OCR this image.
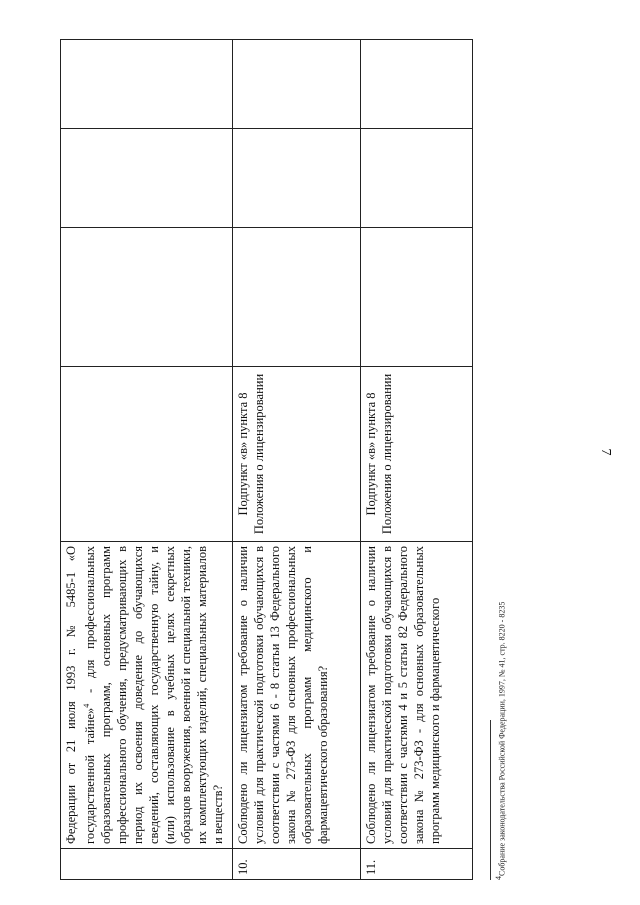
7
	Федерации от 21 июля 1993 г. № 5485-1 «О государственной тайне»$^4$ - для профессиональных образовательных программ, основных программ профессионального обучения, предусматривающих в период их освоения доведение до обучающихся сведений, составляющих государственную тайну, и (или) использование в учебных целях секретных образцов вооружения, военной и специальной техники, их комплектующих изделий, специальных материалов и веществ?				
10.	Соблюдено ли лицензиатом требование о наличии условий для практической подготовки обучающихся в соответствии с частями 6 - 8 статьи 13 Федерального закона № 273-ФЗ для основных профессиональных образовательных программ медицинского и фармацевтического образования?	Подпункт «в» пункта 8 Положения о лицензировании			
11.	Соблюдено ли лицензиатом требование о наличии условий для практической подготовки обучающихся в соответствии с частями 4 и 5 статьи 82 Федерального закона № 273-ФЗ - для основных образовательных программ медицинского и фармацевтического	Подпункт «в» пункта 8 Положения о лицензировании			
$^4$Собрание законодательства Российской Федерации, 1997, № 41, стр. 8220 - 8235
